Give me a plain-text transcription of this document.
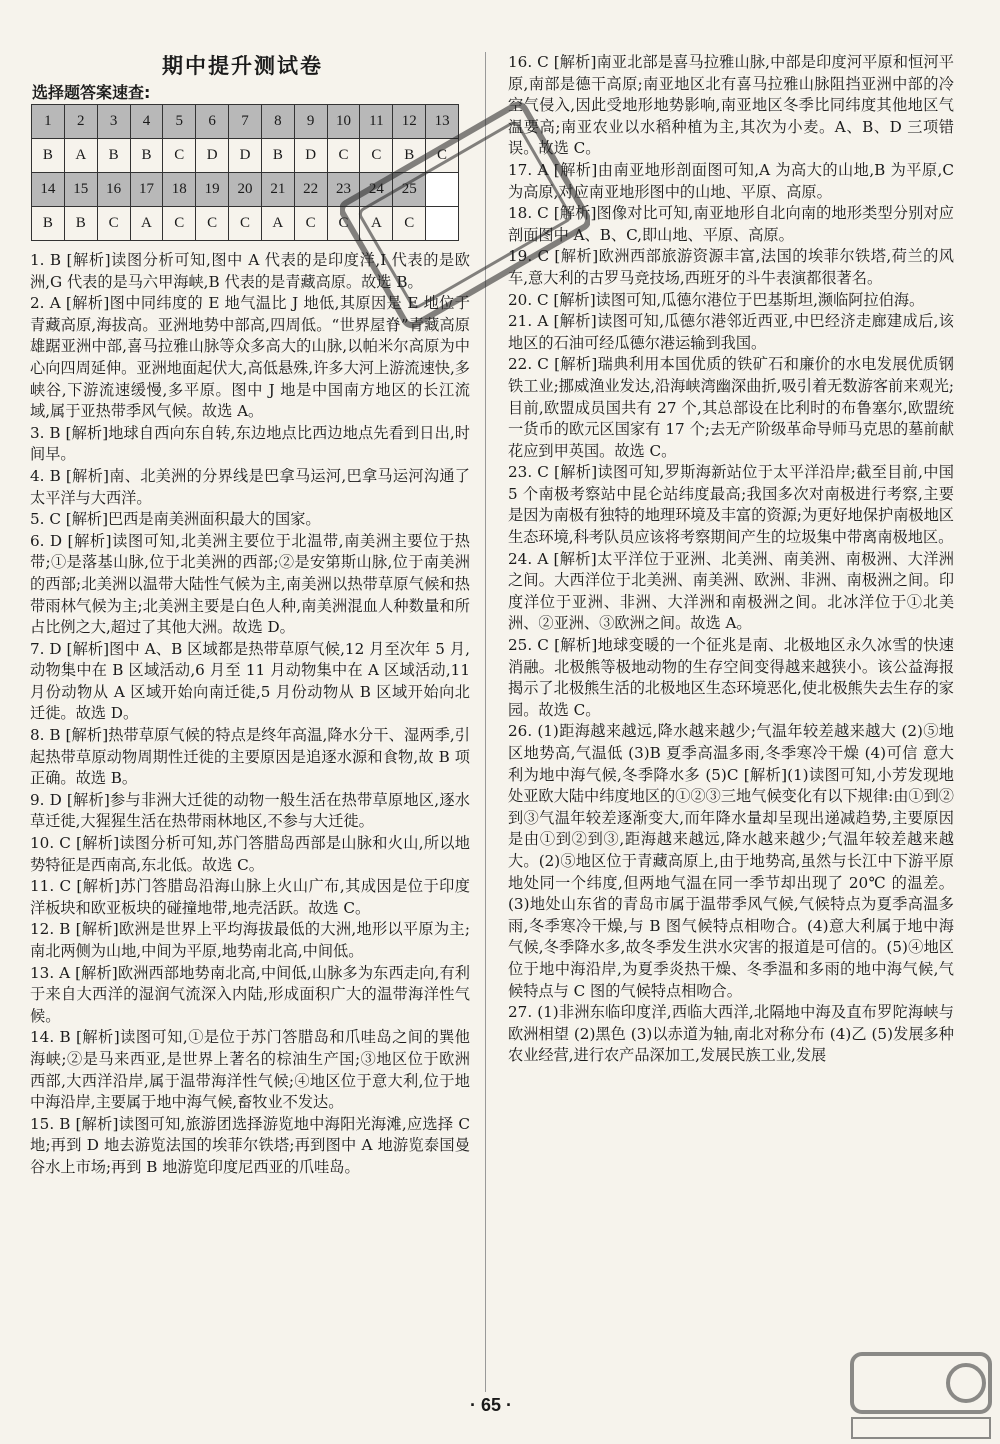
期中提升测试卷
选择题答案速查:
1	2	3	4	5	6	7	8	9	10	11	12	13
B	A	B	B	C	D	D	B	D	C	C	B	C
14	15	16	17	18	19	20	21	22	23	24	25	
B	B	C	A	C	C	C	A	C	C	A	C	
1. B [解析]读图分析可知,图中 A 代表的是印度洋,I 代表的是欧洲,G 代表的是马六甲海峡,B 代表的是青藏高原。故选 B。
2. A [解析]图中同纬度的 E 地气温比 J 地低,其原因是 E 地位于青藏高原,海拔高。亚洲地势中部高,四周低。“世界屋脊”青藏高原雄踞亚洲中部,喜马拉雅山脉等众多高大的山脉,以帕米尔高原为中心向四周延伸。亚洲地面起伏大,高低悬殊,许多大河上游流速快,多峡谷,下游流速缓慢,多平原。图中 J 地是中国南方地区的长江流域,属于亚热带季风气候。故选 A。
3. B [解析]地球自西向东自转,东边地点比西边地点先看到日出,时间早。
4. B [解析]南、北美洲的分界线是巴拿马运河,巴拿马运河沟通了太平洋与大西洋。
5. C [解析]巴西是南美洲面积最大的国家。
6. D [解析]读图可知,北美洲主要位于北温带,南美洲主要位于热带;①是落基山脉,位于北美洲的西部;②是安第斯山脉,位于南美洲的西部;北美洲以温带大陆性气候为主,南美洲以热带草原气候和热带雨林气候为主;北美洲主要是白色人种,南美洲混血人种数量和所占比例之大,超过了其他大洲。故选 D。
7. D [解析]图中 A、B 区域都是热带草原气候,12 月至次年 5 月,动物集中在 B 区域活动,6 月至 11 月动物集中在 A 区域活动,11 月份动物从 A 区域开始向南迁徙,5 月份动物从 B 区域开始向北迁徙。故选 D。
8. B [解析]热带草原气候的特点是终年高温,降水分干、湿两季,引起热带草原动物周期性迁徙的主要原因是追逐水源和食物,故 B 项正确。故选 B。
9. D [解析]参与非洲大迁徙的动物一般生活在热带草原地区,逐水草迁徙,大猩猩生活在热带雨林地区,不参与大迁徙。
10. C [解析]读图分析可知,苏门答腊岛西部是山脉和火山,所以地势特征是西南高,东北低。故选 C。
11. C [解析]苏门答腊岛沿海山脉上火山广布,其成因是位于印度洋板块和欧亚板块的碰撞地带,地壳活跃。故选 C。
12. B [解析]欧洲是世界上平均海拔最低的大洲,地形以平原为主;南北两侧为山地,中间为平原,地势南北高,中间低。
13. A [解析]欧洲西部地势南北高,中间低,山脉多为东西走向,有利于来自大西洋的湿润气流深入内陆,形成面积广大的温带海洋性气候。
14. B [解析]读图可知,①是位于苏门答腊岛和爪哇岛之间的巽他海峡;②是马来西亚,是世界上著名的棕油生产国;③地区位于欧洲西部,大西洋沿岸,属于温带海洋性气候;④地区位于意大利,位于地中海沿岸,主要属于地中海气候,畜牧业不发达。
15. B [解析]读图可知,旅游团选择游览地中海阳光海滩,应选择 C 地;再到 D 地去游览法国的埃菲尔铁塔;再到图中 A 地游览泰国曼谷水上市场;再到 B 地游览印度尼西亚的爪哇岛。
16. C [解析]南亚北部是喜马拉雅山脉,中部是印度河平原和恒河平原,南部是德干高原;南亚地区北有喜马拉雅山脉阻挡亚洲中部的冷空气侵入,因此受地形地势影响,南亚地区冬季比同纬度其他地区气温要高;南亚农业以水稻种植为主,其次为小麦。A、B、D 三项错误。故选 C。
17. A [解析]由南亚地形剖面图可知,A 为高大的山地,B 为平原,C 为高原,对应南亚地形图中的山地、平原、高原。
18. C [解析]图像对比可知,南亚地形自北向南的地形类型分别对应剖面图中 A、B、C,即山地、平原、高原。
19. C [解析]欧洲西部旅游资源丰富,法国的埃菲尔铁塔,荷兰的风车,意大利的古罗马竞技场,西班牙的斗牛表演都很著名。
20. C [解析]读图可知,瓜德尔港位于巴基斯坦,濒临阿拉伯海。
21. A [解析]读图可知,瓜德尔港邻近西亚,中巴经济走廊建成后,该地区的石油可经瓜德尔港运输到我国。
22. C [解析]瑞典利用本国优质的铁矿石和廉价的水电发展优质钢铁工业;挪威渔业发达,沿海峡湾幽深曲折,吸引着无数游客前来观光;目前,欧盟成员国共有 27 个,其总部设在比利时的布鲁塞尔,欧盟统一货币的欧元区国家有 17 个;去无产阶级革命导师马克思的墓前献花应到甲英国。故选 C。
23. C [解析]读图可知,罗斯海新站位于太平洋沿岸;截至目前,中国 5 个南极考察站中昆仑站纬度最高;我国多次对南极进行考察,主要是因为南极有独特的地理环境及丰富的资源;为更好地保护南极地区生态环境,科考队员应该将考察期间产生的垃圾集中带离南极地区。
24. A [解析]太平洋位于亚洲、北美洲、南美洲、南极洲、大洋洲之间。大西洋位于北美洲、南美洲、欧洲、非洲、南极洲之间。印度洋位于亚洲、非洲、大洋洲和南极洲之间。北冰洋位于①北美洲、②亚洲、③欧洲之间。故选 A。
25. C [解析]地球变暖的一个征兆是南、北极地区永久冰雪的快速消融。北极熊等极地动物的生存空间变得越来越狭小。该公益海报揭示了北极熊生活的北极地区生态环境恶化,使北极熊失去生存的家园。故选 C。
26. (1)距海越来越远,降水越来越少;气温年较差越来越大 (2)⑤地区地势高,气温低 (3)B 夏季高温多雨,冬季寒冷干燥 (4)可信 意大利为地中海气候,冬季降水多 (5)C [解析](1)读图可知,小芳发现地处亚欧大陆中纬度地区的①②③三地气候变化有以下规律:由①到②到③气温年较差逐渐变大,而年降水量却呈现出递减趋势,主要原因是由①到②到③,距海越来越远,降水越来越少;气温年较差越来越大。(2)⑤地区位于青藏高原上,由于地势高,虽然与长江中下游平原地处同一个纬度,但两地气温在同一季节却出现了 20℃ 的温差。(3)地处山东省的青岛市属于温带季风气候,气候特点为夏季高温多雨,冬季寒冷干燥,与 B 图气候特点相吻合。(4)意大利属于地中海气候,冬季降水多,故冬季发生洪水灾害的报道是可信的。(5)④地区位于地中海沿岸,为夏季炎热干燥、冬季温和多雨的地中海气候,气候特点与 C 图的气候特点相吻合。
27. (1)非洲东临印度洋,西临大西洋,北隔地中海及直布罗陀海峡与欧洲相望 (2)黑色 (3)以赤道为轴,南北对称分布 (4)乙 (5)发展多种农业经营,进行农产品深加工,发展民族工业,发展
· 65 ·
